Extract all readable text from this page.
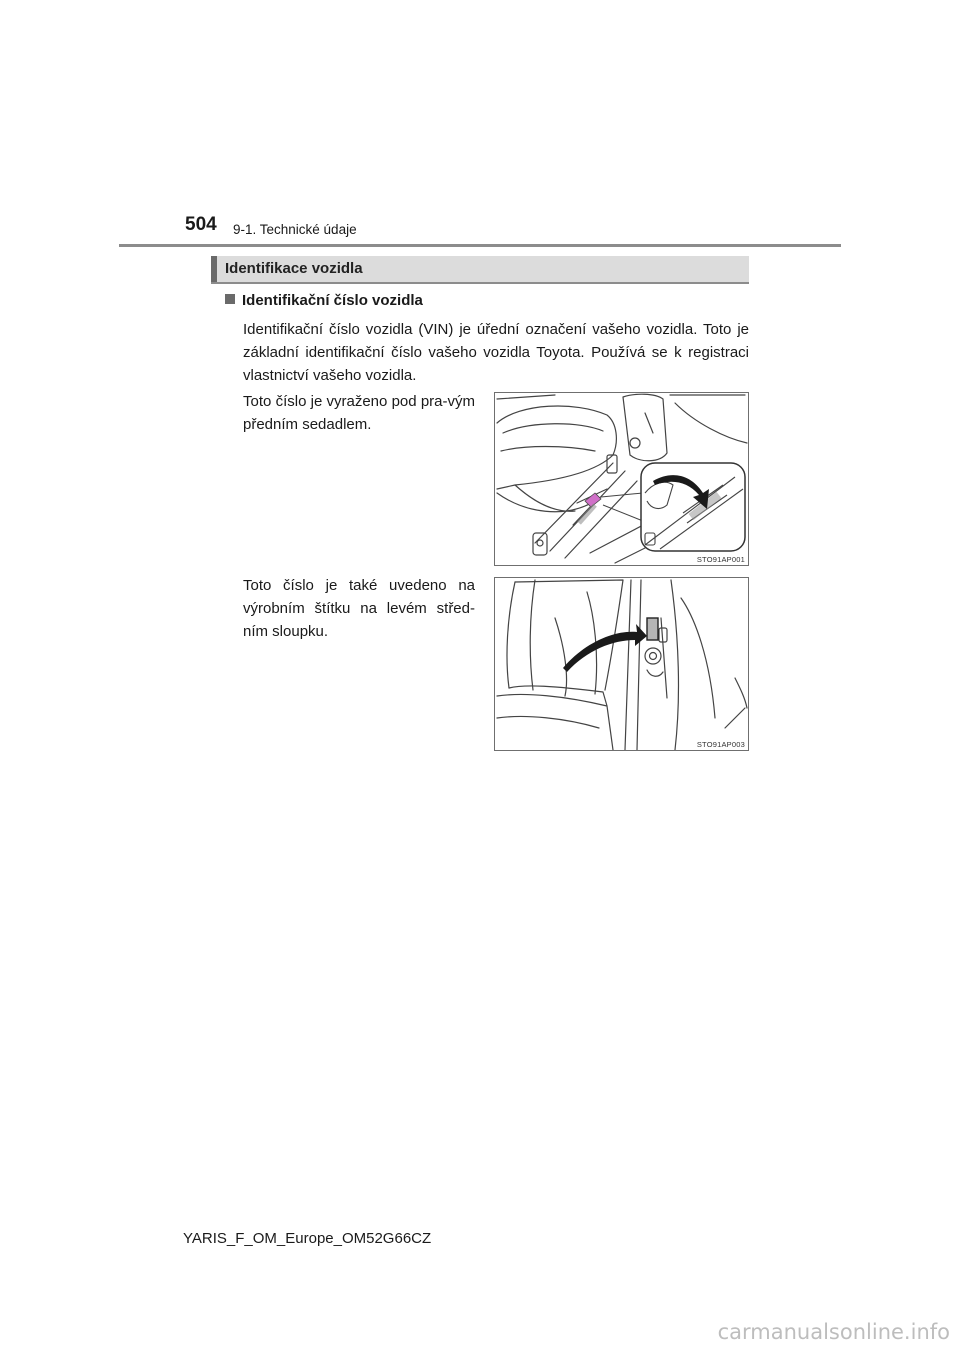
504 9-1. Technické údaje
Identifikace vozidla
Identifikační číslo vozidla

Identifikační číslo vozidla (VIN) je úřední označení vašeho vozidla. Toto je základní identifikační číslo vašeho vozidla Toyota. Používá se k registraci vlastnictví vašeho vozidla.

Toto číslo je vyraženo pod pra-vým předním sedadlem.

Toto číslo je také uvedeno na výrobním štítku na levém střed-ním sloupku.

STO91AP001
STO91AP003
YARIS_F_OM_Europe_OM52G66CZ
carmanualsonline.info
